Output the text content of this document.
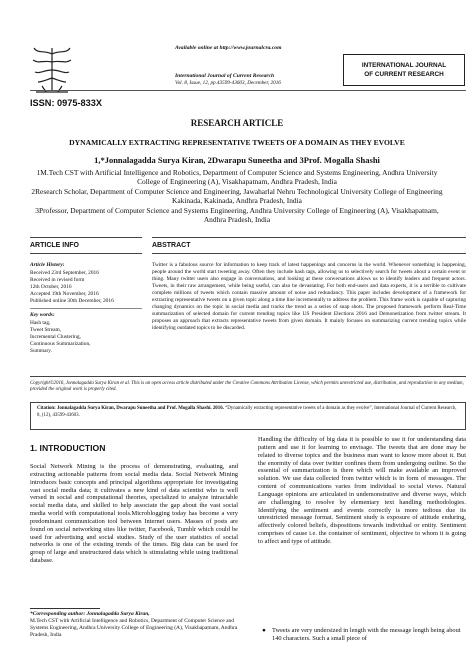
ISSN: 0975-833X
Available online at http://www.journalcra.com
International Journal of Current Research
Vol. 8, Issue, 12, pp.43599-43603, December, 2016
INTERNATIONAL JOURNAL
OF CURRENT RESEARCH
RESEARCH ARTICLE
DYNAMICALLY EXTRACTING REPRESENTATIVE TWEETS OF A DOMAIN AS THEY EVOLVE
1,*Jonnalagadda Surya Kiran, 2Dwarapu Suneetha and 3Prof. Mogalla Shashi
1M.Tech CST with Artificial Intelligence and Robotics, Department of Computer Science and Systems Engineering, Andhra University College of Engineering (A), Visakhapatnam, Andhra Pradesh, India
2Research Scholar, Department of Computer Science and Engineering, Jawaharlal Nehru Technological University College of Engineering Kakinada, Kakinada, Andhra Pradesh, India
3Professor, Department of Computer Science and Systems Engineering, Andhra University College of Engineering (A), Visakhapatnam, Andhra Pradesh, India
ARTICLE INFO	ABSTRACT
Article History:
Received 23rd September, 2016
Received in revised form
12th October, 2016
Accepted 19th November, 2016
Published online 30th December, 2016
Key words:
Hash tag,
Tweet Stream,
Incremental Clustering,
Continuous Summarization,
Summary.
Twitter is a fabulous source for information to keep track of latest happenings and concerns in the world. Whenever something is happening, people around the world start tweeting away. Often they include hash tags, allowing us to selectively search for tweets about a certain event or thing. Many twitter users also engage in conversations, and looking at these conversations allows us to identify leaders and frequent actors. Tweets, in their raw arrangement, while being useful, can also be devastating. For both end-users and data experts, it is a terrible to cultivate complete millions of tweets which contain massive amount of noise and redundancy. This paper includes development of a framework for extracting representative tweets on a given topic along a time line incrementally to address the problem. This frame work is capable of capturing changing dynamics on the topic in social media and tracks the trend as a series of snap shots. The proposed framework perform Real-Time summarization of selected domain for current trending topics like US President Elections 2016 and Demonetization from twitter stream. It proposes an approach that extracts representative tweets from given domain. It mainly focuses on summarizing current trending topics while identifying outdated topics to be discarded.
Copyright©2016, Jonnalagadda Surya Kiran et al. This is an open access article distributed under the Creative Commons Attribution License, which permits unrestricted use, distribution, and reproduction in any medium, provided the original work is properly cited.
Citation: Jonnalagadda Surya Kiran, Dwarapu Suneetha and Prof. Mogalla Shashi. 2016. “Dynamically extracting representative tweets of a domain as they evolve”, International Journal of Current Research, 8, (12), 43599-43603.
1. INTRODUCTION
Social Network Mining is the process of demonstrating, evaluating, and extracting actionable patterns from social media data. Social Network Mining introduces basic concepts and principal algorithms appropriate for investigating vast social media data; it cultivates a new kind of data scientist who is well versed in social and computational theories, specialized to analyze intractable social media data, and skilled to help associate the gap about the vast social media world with computational tools.Microblogging today has become a very predominant communication tool between Internet users. Masses of posts are found on social networking sites like twitter, Facebook, Tumblr which could be used for advertising and social studies. Study of the user statistics of social networks is one of the existing trends of the times. Big data can be used for group of large and unstructured data which is stimulating while using traditional database.
Handling the difficulty of big data it is possible to use it for understanding data pattern and use it for learning to envisage. The tweets that are done may be related to diverse topics and the business man want to know more about it. But the enormity of data over twitter confines them from undergoing outline. So the essential of summarization is there which will make available an improved solution. We use data collected from twitter which is in form of messages. The content of communications varies from individual to social views. Natural Language opinions are articulated in undemonstrative and diverse ways, which are challenging to resolve by elementary text handling methodologies. Identifying the sentiment and events correctly is more tedious due its unrestricted message format. Sentiment study is exposure of attitude enduring, affectively colored beliefs, dispositions towards individual or entity. Sentiment comprises of cause i.e. the container of sentiment, objective to whom it is going to affect and type of attitude.
*Corresponding author: Jonnalagadda Surya Kiran,
M.Tech CST with Artificial Intelligence and Robotics, Department of Computer Science and Systems Engineering, Andhra University College of Engineering (A), Visakhapatnam, Andhra Pradesh, India
● Tweets are very undersized in length with the message length being about 140 characters. Such a small piece of
